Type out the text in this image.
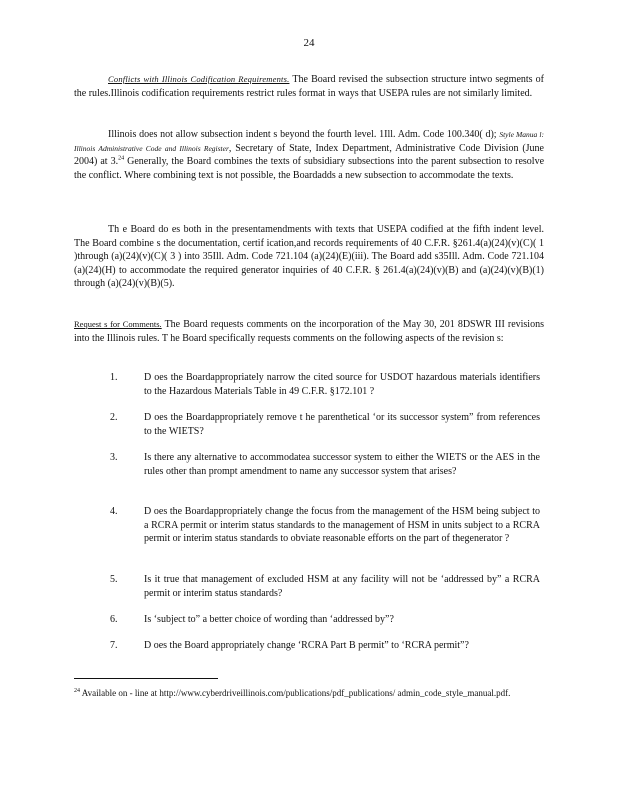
24
Conflicts with Illinois Codification Requirements. The Board revised the subsection structure intwo segments of the rules.Illinois codification requirements restrict rules format in ways that USEPA rules are not similarly limited.
Illinois does not allow subsection indent s beyond the fourth level. 1Ill. Adm. Code 100.340( d); Style Manua l: Illinois Administrative Code and Illinois Register, Secretary of State, Index Department, Administrative Code Division (June 2004) at 3.24 Generally, the Board combines the texts of subsidiary subsections into the parent subsection to resolve the conflict. Where combining text is not possible, the Boardadds a new subsection to accommodate the texts.
Th e Board do es both in the presentamendments with texts that USEPA codified at the fifth indent level. The Board combine s the documentation, certif ication,and records requirements of 40 C.F.R. §261.4(a)(24)(v)(C)( 1 )through (a)(24)(v)(C)( 3 ) into 35Ill. Adm. Code 721.104 (a)(24)(E)(iii). The Board add s35Ill. Adm. Code 721.104 (a)(24)(H) to accommodate the required generator inquiries of 40 C.F.R. § 261.4(a)(24)(v)(B) and (a)(24)(v)(B)(1) through (a)(24)(v)(B)(5).
Request s for Comments. The Board requests comments on the incorporation of the May 30, 201 8DSWR III revisions into the Illinois rules. T he Board specifically requests comments on the following aspects of the revision s:
1.	D oes the Boardappropriately narrow the cited source for USDOT hazardous materials identifiers to the Hazardous Materials Table in 49 C.F.R. §172.101 ?
2.	D oes the Boardappropriately remove t he parenthetical ‘or its successor system” from references to the WIETS?
3.	Is there any alternative to accommodatea successor system to either the WIETS or the AES in the rules other than prompt amendment to name any successor system that arises?
4.	D oes the Boardappropriately change the focus from the management of the HSM being subject to a RCRA permit or interim status standards to the management of HSM in units subject to a RCRA permit or interim status standards to obviate reasonable efforts on the part of thegenerator ?
5.	Is it true that management of excluded HSM at any facility will not be ‘addressed by” a RCRA permit or interim status standards?
6.	Is ‘subject to” a better choice of wording than ‘addressed by”?
7.	D oes the Board appropriately change ‘RCRA Part B permit” to ‘RCRA permit”?
$^{24}$ Available on - line at http://www.cyberdriveillinois.com/publications/pdf_publications/ admin_code_style_manual.pdf.
